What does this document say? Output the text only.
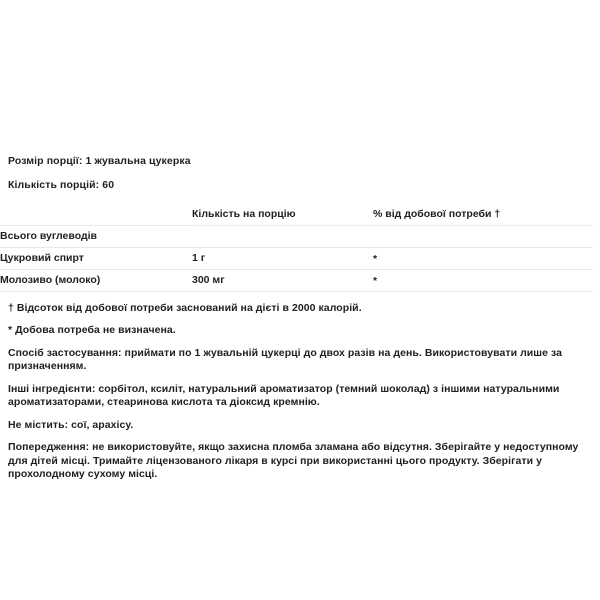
Розмір порції: 1 жувальна цукерка
Кількість порцій: 60
	Кількість на порцію	% від добової потреби †
Всього вуглеводів		
Цукровий спирт	1 г	*
Молозиво (молоко)	300 мг	*

† Відсоток від добової потреби заснований на дієті в 2000 калорій.

* Добова потреба не визначена.

Спосіб застосування: приймати по 1 жувальній цукерці до двох разів на день. Використовувати лише за призначенням.

Інші інгредієнти: сорбітол, ксиліт, натуральний ароматизатор (темний шоколад) з іншими натуральними ароматизаторами, стеаринова кислота та діоксид кремнію.

Не містить: сої, арахісу.

Попередження: не використовуйте, якщо захисна пломба зламана або відсутня. Зберігайте у недоступному для дітей місці. Тримайте ліцензованого лікаря в курсі при використанні цього продукту. Зберігати у прохолодному сухому місці.
